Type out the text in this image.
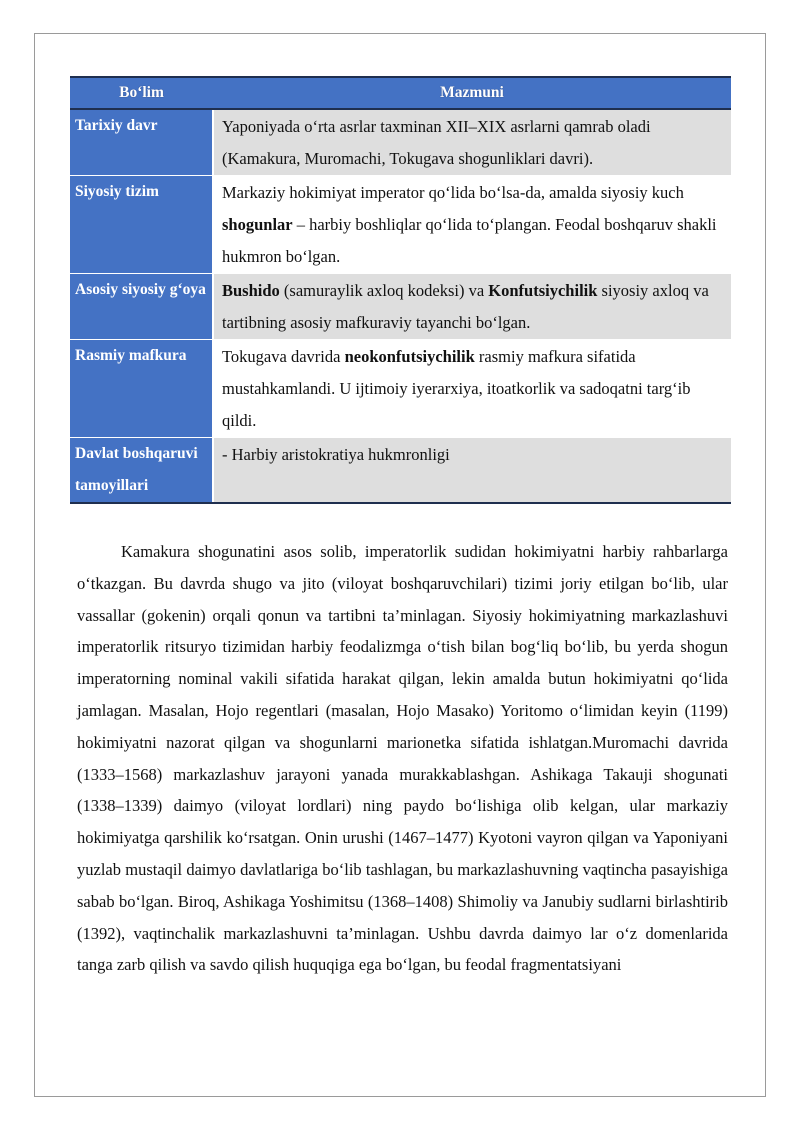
Bo‘lim	Mazmuni
Tarixiy davr	Yaponiyada o‘rta asrlar taxminan XII–XIX asrlarni qamrab oladi (Kamakura, Muromachi, Tokugava shogunliklari davri).
Siyosiy tizim	Markaziy hokimiyat imperator qo‘lida bo‘lsa-da, amalda siyosiy kuch shogunlar – harbiy boshliqlar qo‘lida to‘plangan. Feodal boshqaruv shakli hukmron bo‘lgan.
Asosiy siyosiy g‘oya	Bushido (samuraylik axloq kodeksi) va Konfutsiychilik siyosiy axloq va tartibning asosiy mafkuraviy tayanchi bo‘lgan.
Rasmiy mafkura	Tokugava davrida neokonfutsiychilik rasmiy mafkura sifatida mustahkamlandi. U ijtimoiy iyerarxiya, itoatkorlik va sadoqatni targ‘ib qildi.
Davlat boshqaruvi tamoyillari	- Harbiy aristokratiya hukmronligi

Kamakura shogunatini asos solib, imperatorlik sudidan hokimiyatni harbiy rahbarlarga o‘tkazgan. Bu davrda shugo va jito (viloyat boshqaruvchilari) tizimi joriy etilgan bo‘lib, ular vassallar (gokenin) orqali qonun va tartibni ta’minlagan. Siyosiy hokimiyatning markazlashuvi imperatorlik ritsuryo tizimidan harbiy feodalizmga o‘tish bilan bog‘liq bo‘lib, bu yerda shogun imperatorning nominal vakili sifatida harakat qilgan, lekin amalda butun hokimiyatni qo‘lida jamlagan. Masalan, Hojo regentlari (masalan, Hojo Masako) Yoritomo o‘limidan keyin (1199) hokimiyatni nazorat qilgan va shogunlarni marionetka sifatida ishlatgan.Muromachi davrida (1333–1568) markazlashuv jarayoni yanada murakkablashgan. Ashikaga Takauji shogunati (1338–1339) daimyo (viloyat lordlari) ning paydo bo‘lishiga olib kelgan, ular markaziy hokimiyatga qarshilik ko‘rsatgan. Onin urushi (1467–1477) Kyotoni vayron qilgan va Yaponiyani yuzlab mustaqil daimyo davlatlariga bo‘lib tashlagan, bu markazlashuvning vaqtincha pasayishiga sabab bo‘lgan. Biroq, Ashikaga Yoshimitsu (1368–1408) Shimoliy va Janubiy sudlarni birlashtirib (1392), vaqtinchalik markazlashuvni ta’minlagan. Ushbu davrda daimyo lar o‘z domenlarida tanga zarb qilish va savdo qilish huquqiga ega bo‘lgan, bu feodal fragmentatsiyani
